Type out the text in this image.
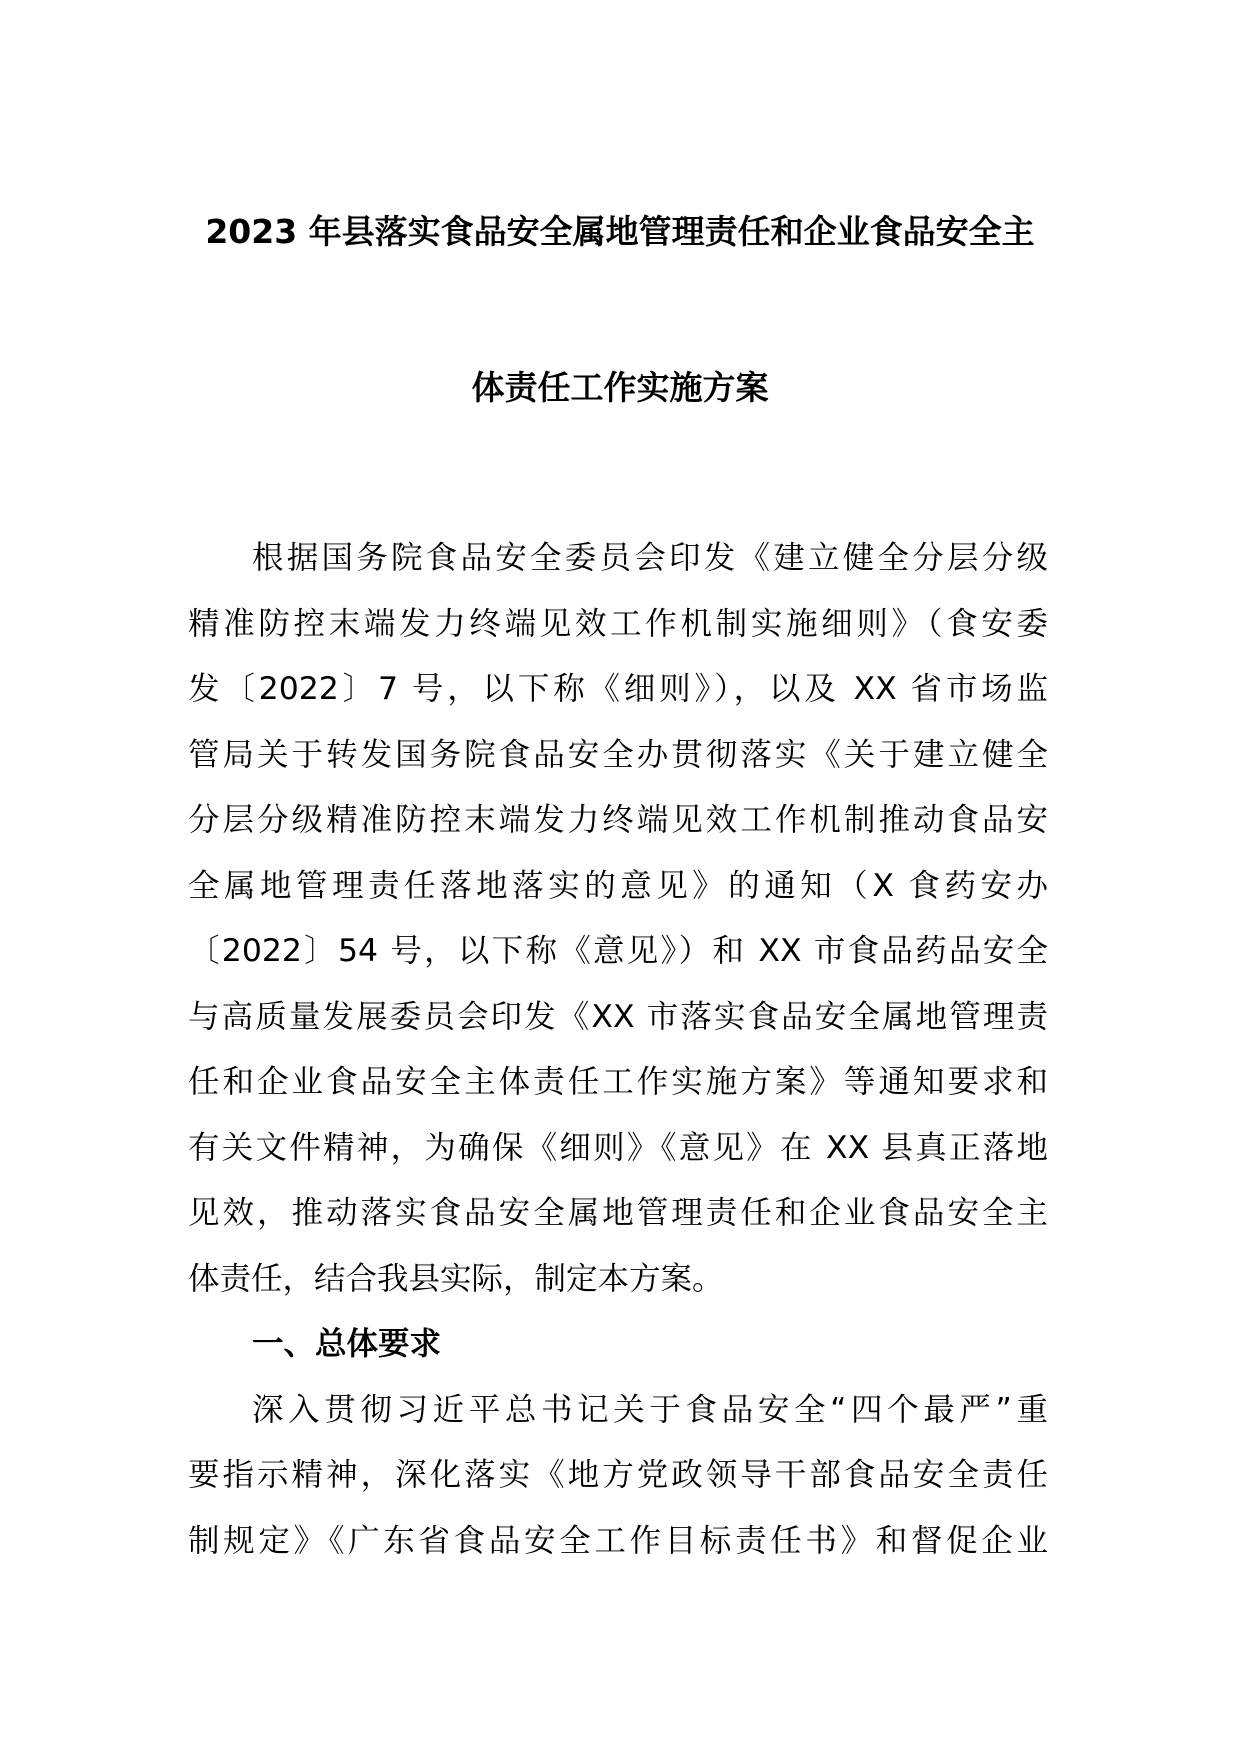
2023 年县落实食品安全属地管理责任和企业食品安全主
体责任工作实施方案
根据国务院食品安全委员会印发《建立健全分层分级
精准防控末端发力终端见效工作机制实施细则》（食安委
发〔2022〕7 号，以下称《细则》），以及 XX 省市场监
管局关于转发国务院食品安全办贯彻落实《关于建立健全
分层分级精准防控末端发力终端见效工作机制推动食品安
全属地管理责任落地落实的意见》的通知（X 食药安办
〔2022〕54 号，以下称《意见》）和 XX 市食品药品安全
与高质量发展委员会印发《XX 市落实食品安全属地管理责
任和企业食品安全主体责任工作实施方案》等通知要求和
有关文件精神，为确保《细则》《意见》在 XX 县真正落地
见效，推动落实食品安全属地管理责任和企业食品安全主
体责任，结合我县实际，制定本方案。
一、总体要求
深入贯彻习近平总书记关于食品安全“四个最严”重
要指示精神，深化落实《地方党政领导干部食品安全责任
制规定》《广东省食品安全工作目标责任书》和督促企业
